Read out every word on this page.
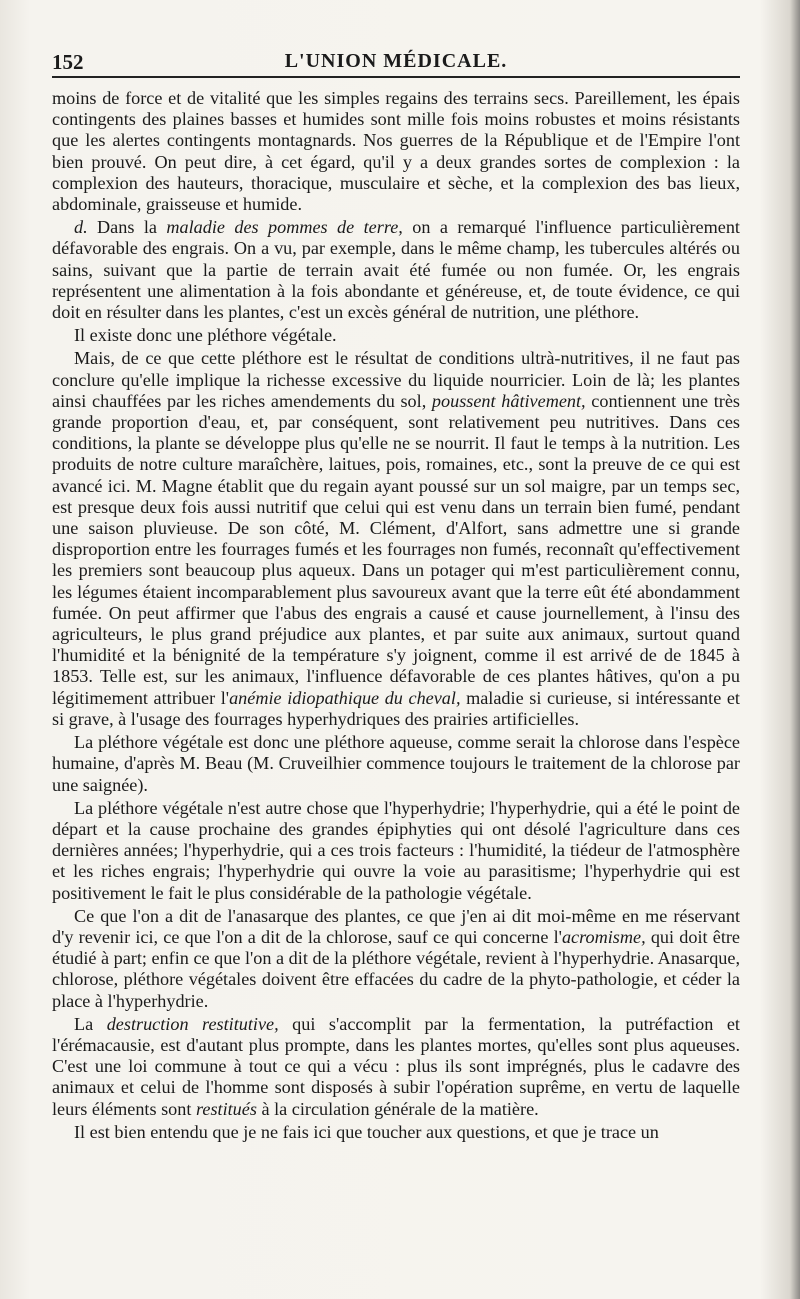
152	L'UNION MÉDICALE.

moins de force et de vitalité que les simples regains des terrains secs. Pareillement, les épais contingents des plaines basses et humides sont mille fois moins robustes et moins résistants que les alertes contingents montagnards. Nos guerres de la République et de l'Empire l'ont bien prouvé. On peut dire, à cet égard, qu'il y a deux grandes sortes de complexion : la complexion des hauteurs, thoracique, musculaire et sèche, et la complexion des bas lieux, abdominale, graisseuse et humide.

d. Dans la maladie des pommes de terre, on a remarqué l'influence particulièrement défavorable des engrais. On a vu, par exemple, dans le même champ, les tubercules altérés ou sains, suivant que la partie de terrain avait été fumée ou non fumée. Or, les engrais représentent une alimentation à la fois abondante et généreuse, et, de toute évidence, ce qui doit en résulter dans les plantes, c'est un excès général de nutrition, une pléthore.

Il existe donc une pléthore végétale.

Mais, de ce que cette pléthore est le résultat de conditions ultrà-nutritives, il ne faut pas conclure qu'elle implique la richesse excessive du liquide nourricier. Loin de là; les plantes ainsi chauffées par les riches amendements du sol, poussent hâtivement, contiennent une très grande proportion d'eau, et, par conséquent, sont relativement peu nutritives. Dans ces conditions, la plante se développe plus qu'elle ne se nourrit. Il faut le temps à la nutrition. Les produits de notre culture maraîchère, laitues, pois, romaines, etc., sont la preuve de ce qui est avancé ici. M. Magne établit que du regain ayant poussé sur un sol maigre, par un temps sec, est presque deux fois aussi nutritif que celui qui est venu dans un terrain bien fumé, pendant une saison pluvieuse. De son côté, M. Clément, d'Alfort, sans admettre une si grande disproportion entre les fourrages fumés et les fourrages non fumés, reconnaît qu'effectivement les premiers sont beaucoup plus aqueux. Dans un potager qui m'est particulièrement connu, les légumes étaient incomparablement plus savoureux avant que la terre eût été abondamment fumée. On peut affirmer que l'abus des engrais a causé et cause journellement, à l'insu des agriculteurs, le plus grand préjudice aux plantes, et par suite aux animaux, surtout quand l'humidité et la bénignité de la température s'y joignent, comme il est arrivé de de 1845 à 1853. Telle est, sur les animaux, l'influence défavorable de ces plantes hâtives, qu'on a pu légitimement attribuer l'anémie idiopathique du cheval, maladie si curieuse, si intéressante et si grave, à l'usage des fourrages hyperhydriques des prairies artificielles.

La pléthore végétale est donc une pléthore aqueuse, comme serait la chlorose dans l'espèce humaine, d'après M. Beau (M. Cruveilhier commence toujours le traitement de la chlorose par une saignée).

La pléthore végétale n'est autre chose que l'hyperhydrie; l'hyperhydrie, qui a été le point de départ et la cause prochaine des grandes épiphyties qui ont désolé l'agriculture dans ces dernières années; l'hyperhydrie, qui a ces trois facteurs : l'humidité, la tiédeur de l'atmosphère et les riches engrais; l'hyperhydrie qui ouvre la voie au parasitisme; l'hyperhydrie qui est positivement le fait le plus considérable de la pathologie végétale.

Ce que l'on a dit de l'anasarque des plantes, ce que j'en ai dit moi-même en me réservant d'y revenir ici, ce que l'on a dit de la chlorose, sauf ce qui concerne l'acromisme, qui doit être étudié à part; enfin ce que l'on a dit de la pléthore végétale, revient à l'hyperhydrie. Anasarque, chlorose, pléthore végétales doivent être effacées du cadre de la phyto-pathologie, et céder la place à l'hyperhydrie.

La destruction restitutive, qui s'accomplit par la fermentation, la putréfaction et l'érémacausie, est d'autant plus prompte, dans les plantes mortes, qu'elles sont plus aqueuses. C'est une loi commune à tout ce qui a vécu : plus ils sont imprégnés, plus le cadavre des animaux et celui de l'homme sont disposés à subir l'opération suprême, en vertu de laquelle leurs éléments sont restitués à la circulation générale de la matière.

Il est bien entendu que je ne fais ici que toucher aux questions, et que je trace un
